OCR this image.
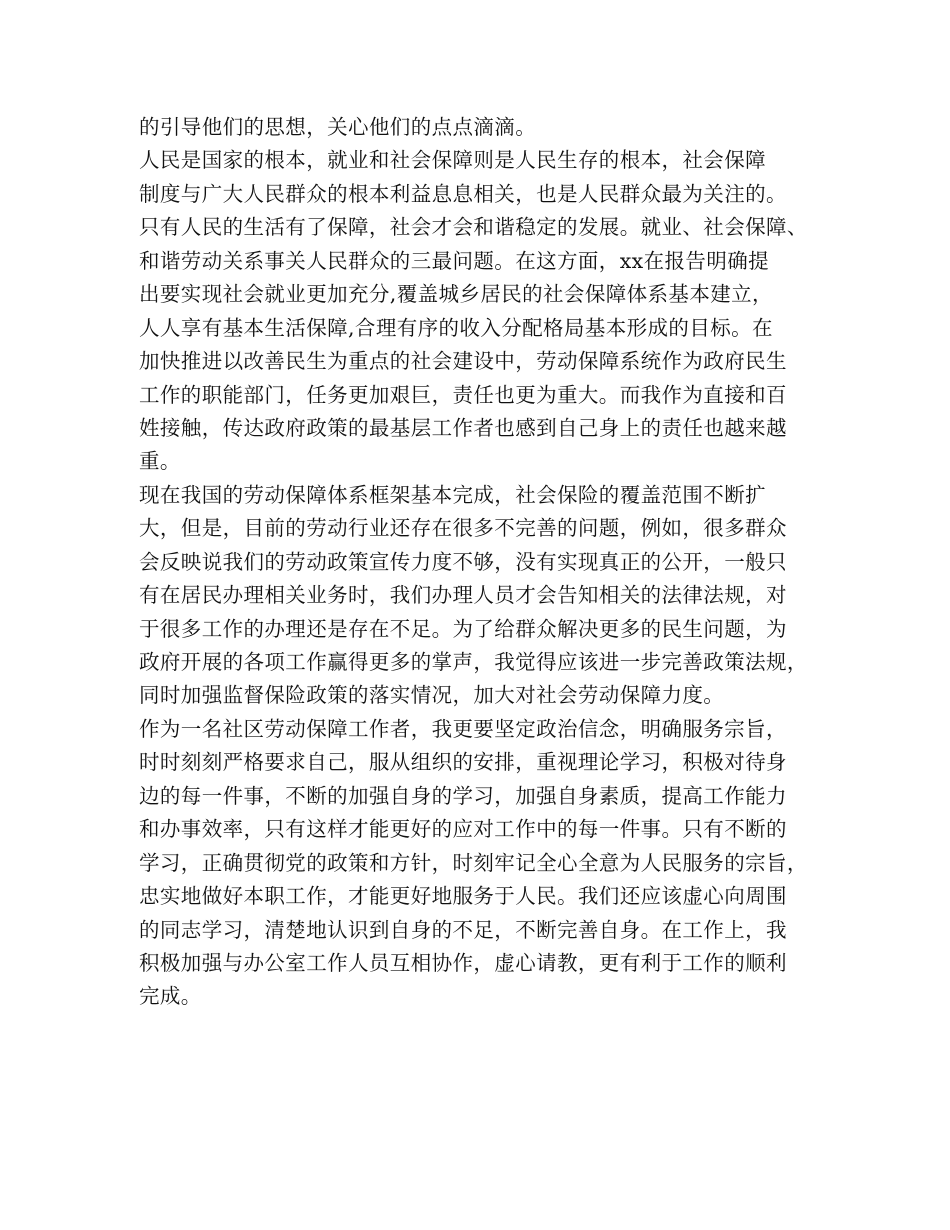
的引导他们的思想，关心他们的点点滴滴。
人民是国家的根本，就业和社会保障则是人民生存的根本，社会保障
制度与广大人民群众的根本利益息息相关，也是人民群众最为关注的。
只有人民的生活有了保障，社会才会和谐稳定的发展。就业、社会保障、
和谐劳动关系事关人民群众的三最问题。在这方面，xx在报告明确提
出要实现社会就业更加充分,覆盖城乡居民的社会保障体系基本建立，
人人享有基本生活保障,合理有序的收入分配格局基本形成的目标。在
加快推进以改善民生为重点的社会建设中，劳动保障系统作为政府民生
工作的职能部门，任务更加艰巨，责任也更为重大。而我作为直接和百
姓接触，传达政府政策的最基层工作者也感到自己身上的责任也越来越
重。
现在我国的劳动保障体系框架基本完成，社会保险的覆盖范围不断扩
大，但是，目前的劳动行业还存在很多不完善的问题，例如，很多群众
会反映说我们的劳动政策宣传力度不够，没有实现真正的公开，一般只
有在居民办理相关业务时，我们办理人员才会告知相关的法律法规，对
于很多工作的办理还是存在不足。为了给群众解决更多的民生问题，为
政府开展的各项工作赢得更多的掌声，我觉得应该进一步完善政策法规，
同时加强监督保险政策的落实情况，加大对社会劳动保障力度。
作为一名社区劳动保障工作者，我更要坚定政治信念，明确服务宗旨，
时时刻刻严格要求自己，服从组织的安排，重视理论学习，积极对待身
边的每一件事，不断的加强自身的学习，加强自身素质，提高工作能力
和办事效率，只有这样才能更好的应对工作中的每一件事。只有不断的
学习，正确贯彻党的政策和方针，时刻牢记全心全意为人民服务的宗旨，
忠实地做好本职工作，才能更好地服务于人民。我们还应该虚心向周围
的同志学习，清楚地认识到自身的不足，不断完善自身。在工作上，我
积极加强与办公室工作人员互相协作，虚心请教，更有利于工作的顺利
完成。
